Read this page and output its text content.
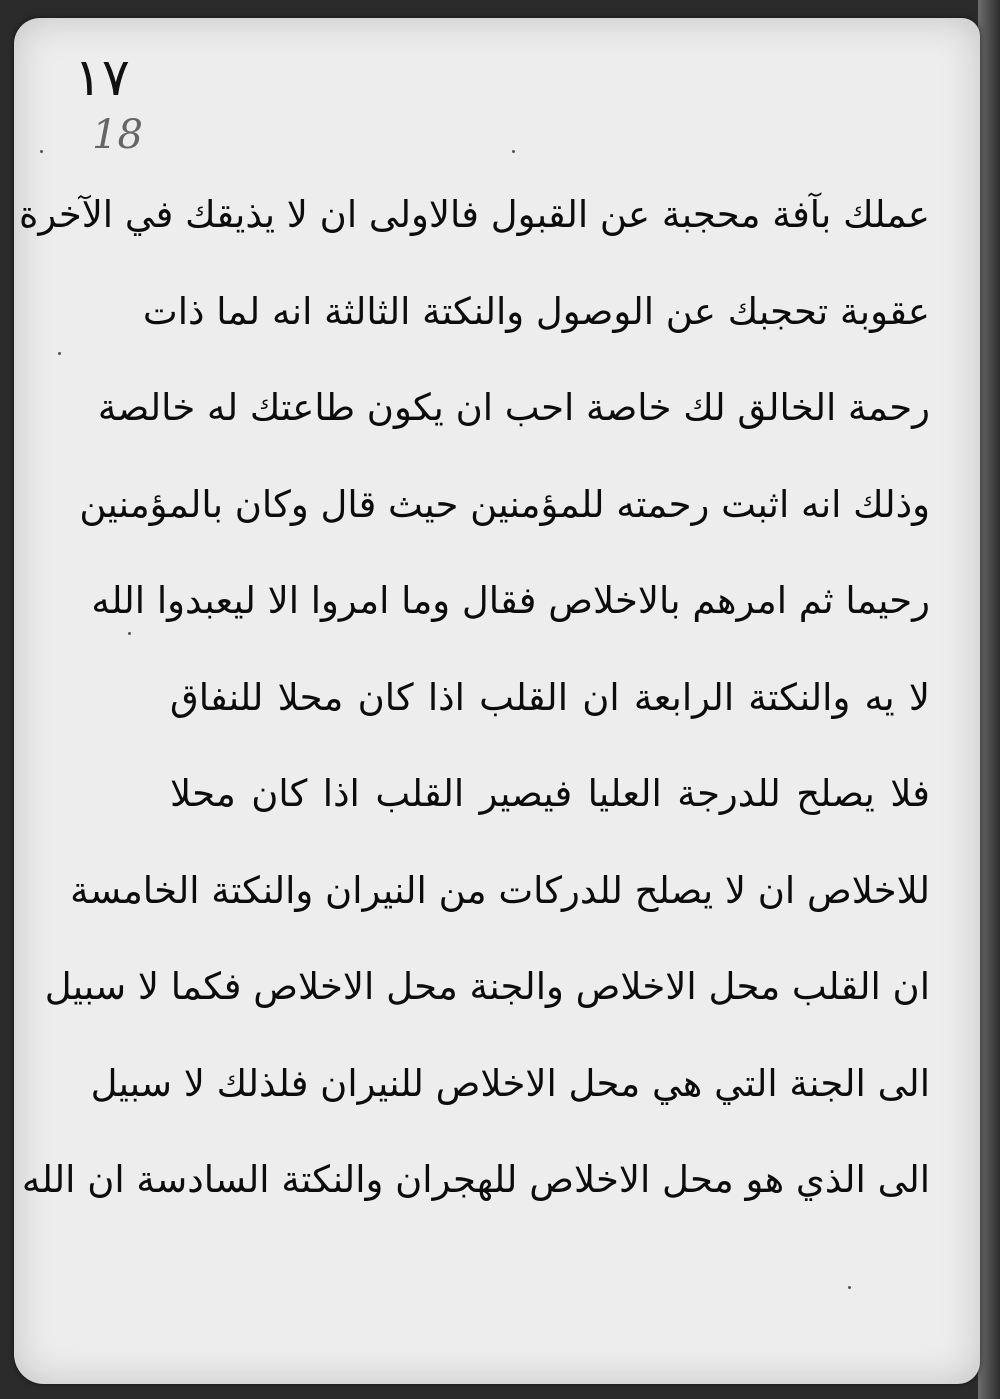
١٧
18
عملك بآفة محجبة عن القبول فالاولى ان لا يذيقك في الآخرة
عقوبة تحجبك عن الوصول والنكتة الثالثة انه لما ذات
رحمة الخالق لك خاصة احب ان يكون طاعتك له خالصة
وذلك انه اثبت رحمته للمؤمنين حيث قال وكان بالمؤمنين
رحيما ثم امرهم بالاخلاص فقال وما امروا الا ليعبدوا الله
لا يه والنكتة الرابعة ان القلب اذا كان محلا للنفاق
فلا يصلح للدرجة العليا فيصير القلب اذا كان محلا
للاخلاص ان لا يصلح للدركات من النيران والنكتة الخامسة
ان القلب محل الاخلاص والجنة محل الاخلاص فكما لا سبيل
الى الجنة التي هي محل الاخلاص للنيران فلذلك لا سبيل
الى الذي هو محل الاخلاص للهجران والنكتة السادسة ان الله
